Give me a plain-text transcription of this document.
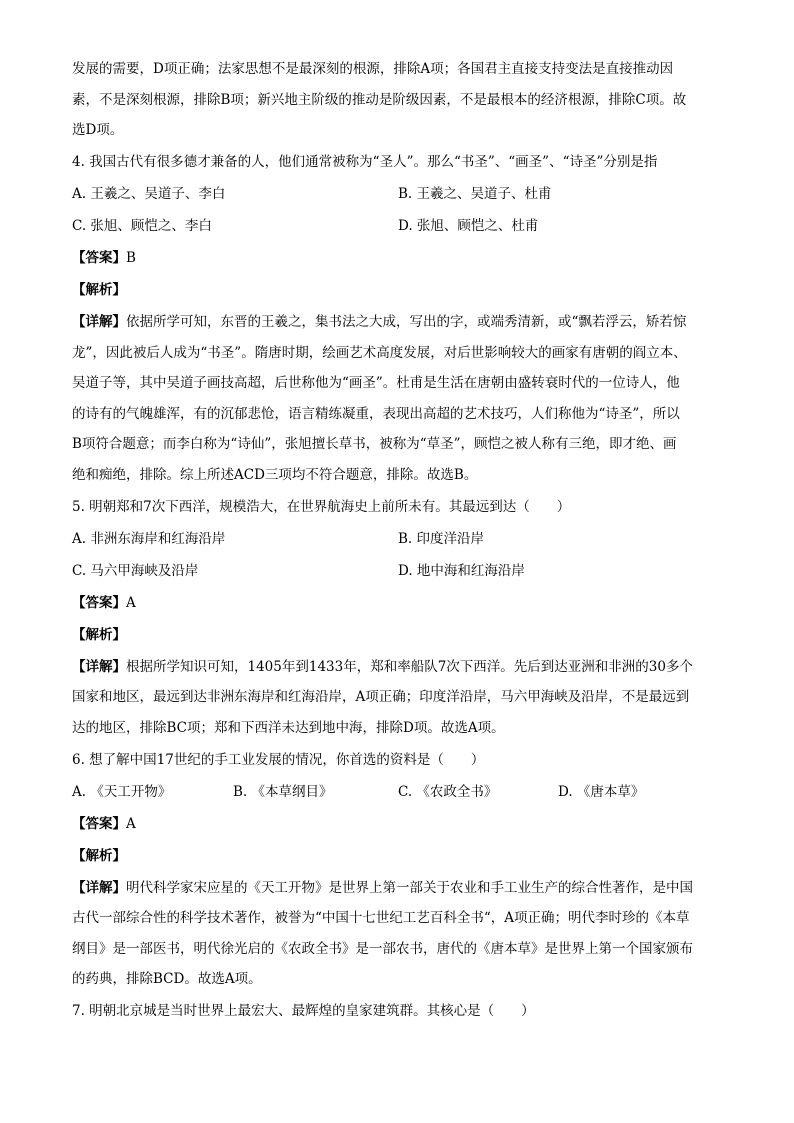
发展的需要，D项正确；法家思想不是最深刻的根源，排除A项；各国君主直接支持变法是直接推动因
素，不是深刻根源，排除B项；新兴地主阶级的推动是阶级因素，不是最根本的经济根源，排除C项。故
选D项。
4. 我国古代有很多德才兼备的人，他们通常被称为“圣人”。那么“书圣”、“画圣”、“诗圣”分别是指
A. 王羲之、吴道子、李白	B. 王羲之、吴道子、杜甫
C. 张旭、顾恺之、李白	D. 张旭、顾恺之、杜甫
【答案】B
【解析】
【详解】依据所学可知，东晋的王羲之，集书法之大成，写出的字，或端秀清新，或“飘若浮云，矫若惊
龙”，因此被后人成为“书圣”。隋唐时期，绘画艺术高度发展，对后世影响较大的画家有唐朝的阎立本、
吴道子等，其中吴道子画技高超，后世称他为“画圣”。杜甫是生活在唐朝由盛转衰时代的一位诗人，他
的诗有的气魄雄浑，有的沉郁悲怆，语言精练凝重，表现出高超的艺术技巧，人们称他为“诗圣”，所以
B项符合题意；而李白称为“诗仙”，张旭擅长草书，被称为“草圣”，顾恺之被人称有三绝，即才绝、画
绝和痴绝，排除。综上所述ACD三项均不符合题意，排除。故选B。
5. 明朝郑和7次下西洋，规模浩大，在世界航海史上前所未有。其最远到达（　　）
A. 非洲东海岸和红海沿岸	B. 印度洋沿岸
C. 马六甲海峡及沿岸	D. 地中海和红海沿岸
【答案】A
【解析】
【详解】根据所学知识可知，1405年到1433年，郑和率船队7次下西洋。先后到达亚洲和非洲的30多个
国家和地区，最远到达非洲东海岸和红海沿岸，A项正确；印度洋沿岸，马六甲海峡及沿岸，不是最远到
达的地区，排除BC项；郑和下西洋未达到地中海，排除D项。故选A项。
6. 想了解中国17世纪的手工业发展的情况，你首选的资料是（　　）
A. 《天工开物》	B. 《本草纲目》	C. 《农政全书》	D. 《唐本草》
【答案】A
【解析】
【详解】明代科学家宋应星的《天工开物》是世界上第一部关于农业和手工业生产的综合性著作，是中国
古代一部综合性的科学技术著作，被誉为“中国十七世纪工艺百科全书“，A项正确；明代李时珍的《本草
纲目》是一部医书，明代徐光启的《农政全书》是一部农书，唐代的《唐本草》是世界上第一个国家颁布
的药典，排除BCD。故选A项。
7. 明朝北京城是当时世界上最宏大、最辉煌的皇家建筑群。其核心是（　　）
